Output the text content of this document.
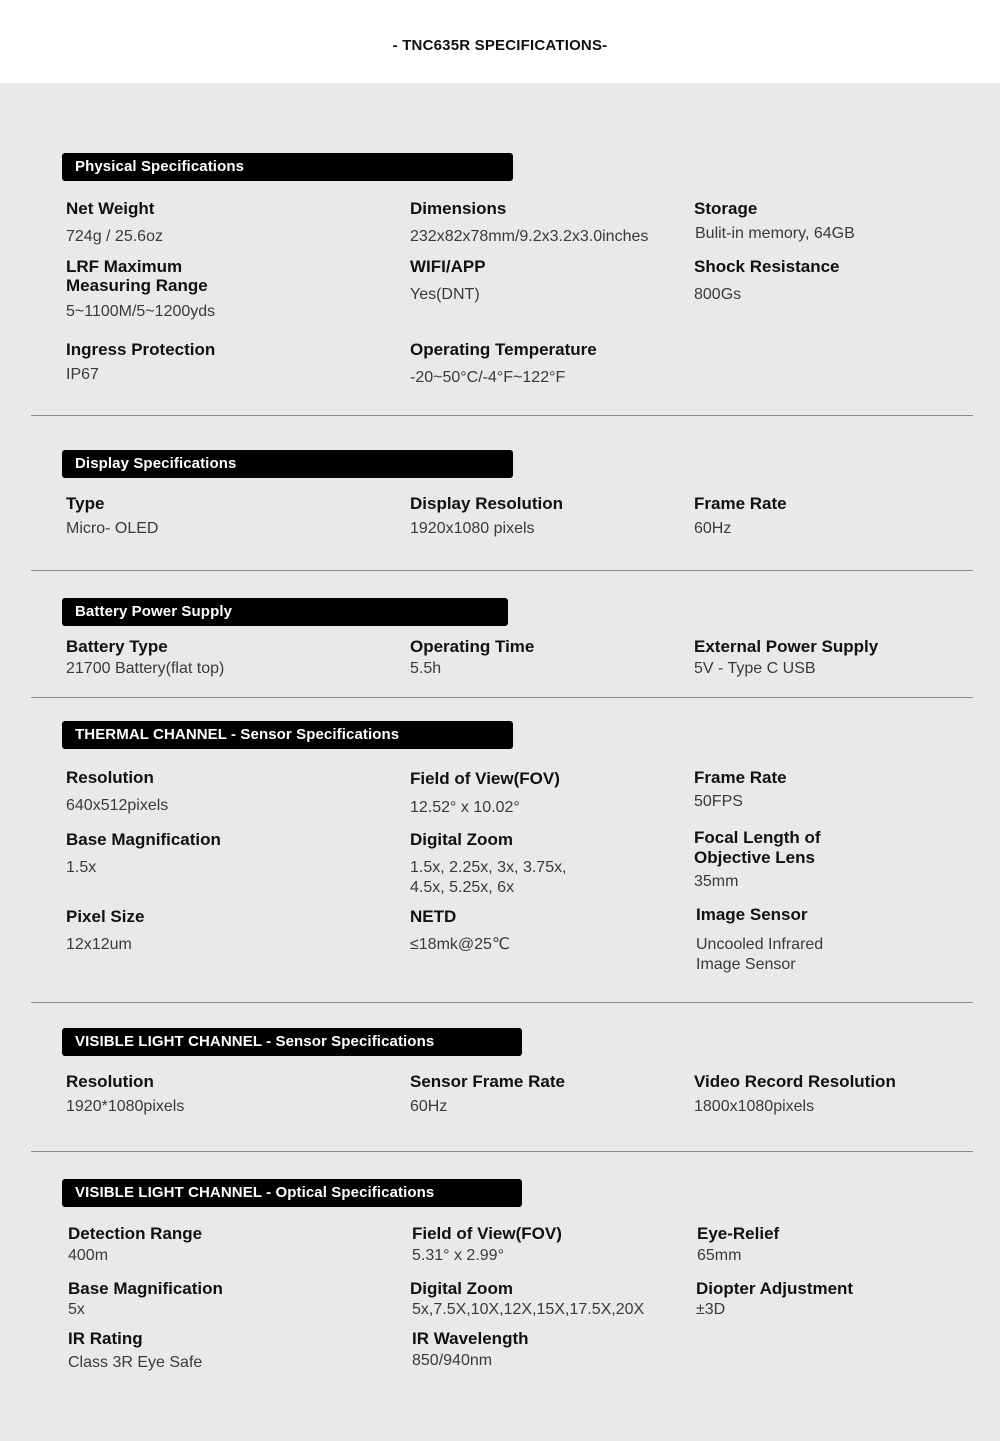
- TNC635R SPECIFICATIONS-
Physical Specifications
Net Weight
724g / 25.6oz
Dimensions
232x82x78mm/9.2x3.2x3.0inches
Storage
Bulit-in memory, 64GB
LRF Maximum
Measuring Range
5~1100M/5~1200yds
WIFI/APP
Yes(DNT)
Shock Resistance
800Gs
Ingress Protection
IP67
Operating Temperature
-20~50°C/-4°F~122°F
Display Specifications
Type
Micro- OLED
Display Resolution
1920x1080 pixels
Frame Rate
60Hz
Battery Power Supply
Battery Type
21700 Battery(flat top)
Operating Time
5.5h
External Power Supply
5V - Type C USB
THERMAL CHANNEL - Sensor Specifications
Resolution
640x512pixels
Field of View(FOV)
12.52° x 10.02°
Frame Rate
50FPS
Base Magnification
1.5x
Digital Zoom
1.5x, 2.25x, 3x, 3.75x,
4.5x, 5.25x, 6x
Focal Length of
Objective Lens
35mm
Pixel Size
12x12um
NETD
≤18mk@25℃
Image Sensor
Uncooled Infrared
Image Sensor
VISIBLE LIGHT CHANNEL - Sensor Specifications
Resolution
1920*1080pixels
Sensor Frame Rate
60Hz
Video Record Resolution
1800x1080pixels
VISIBLE LIGHT CHANNEL - Optical Specifications
Detection Range
400m
Field of View(FOV)
5.31° x 2.99°
Eye-Relief
65mm
Base Magnification
5x
Digital Zoom
5x,7.5X,10X,12X,15X,17.5X,20X
Diopter Adjustment
±3D
IR Rating
Class 3R Eye Safe
IR Wavelength
850/940nm
